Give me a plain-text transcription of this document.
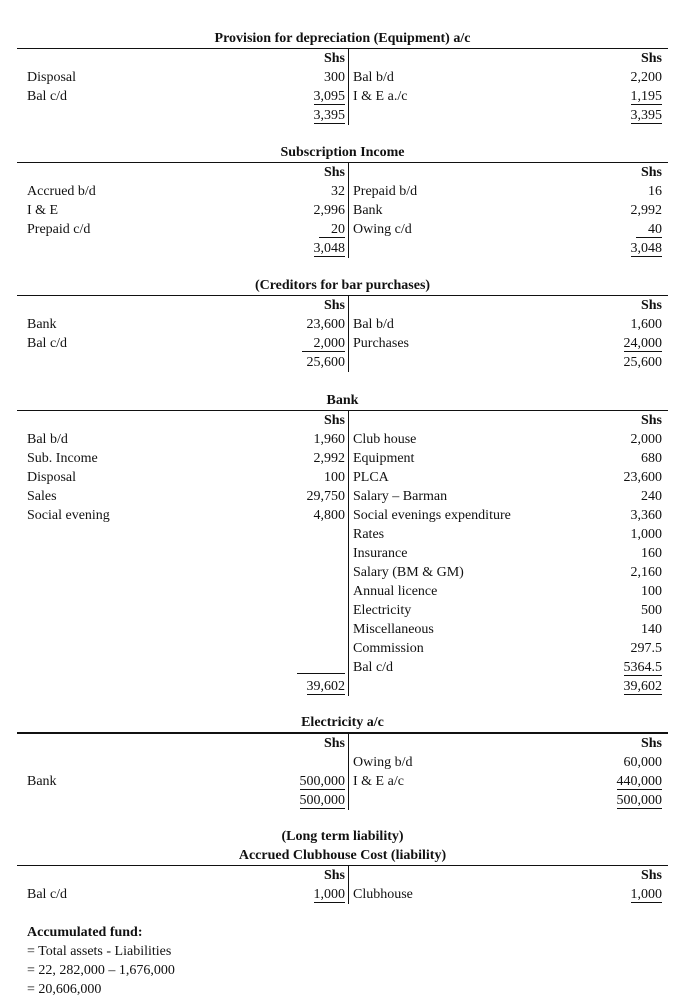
Provision for depreciation (Equipment) a/c
Shs	Shs
Disposal	300 Bal b/d	2,200
Bal c/d	3,095 I & E a./c	1,195
3,395	3,395
Subscription Income
Shs	Shs
Accrued b/d	32 Prepaid b/d	16
I & E	2,996 Bank	2,992
Prepaid c/d	20 Owing c/d	40
3,048	3,048
(Creditors for bar purchases)
Shs	Shs
Bank	23,600 Bal b/d	1,600
Bal c/d	2,000 Purchases	24,000
25,600	25,600
Bank
Shs	Shs
Bal b/d	1,960 Club house	2,000
Sub. Income	2,992 Equipment	680
Disposal	100 PLCA	23,600
Sales	29,750 Salary – Barman	240
Social evening	4,800 Social evenings expenditure	3,360
Rates	1,000
Insurance	160
Salary (BM & GM)	2,160
Annual licence	100
Electricity	500
Miscellaneous	140
Commission	297.5
Bal c/d	5364.5
39,602	39,602
Electricity a/c
Shs	Shs
Owing b/d	60,000
Bank	500,000 I & E a/c	440,000
500,000	500,000
(Long term liability)
Accrued Clubhouse Cost (liability)
Shs	Shs
Bal c/d	1,000 Clubhouse	1,000
Accumulated fund:
= Total assets - Liabilities
= 22, 282,000 – 1,676,000
= 20,606,000
